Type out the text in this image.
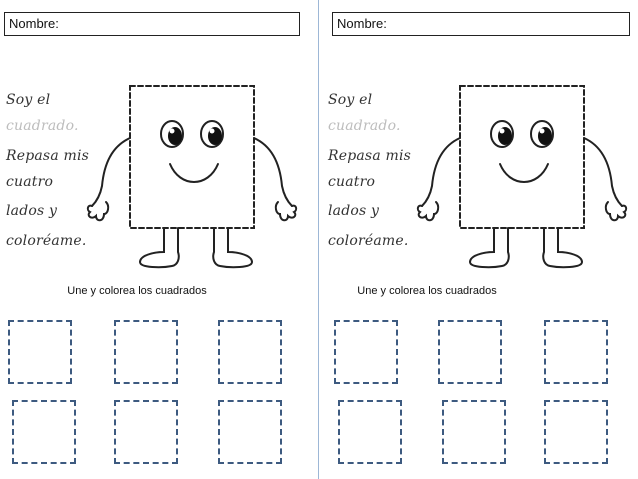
Nombre:
Soy el
cuadrado.
Repasa mis
cuatro
lados y
coloréame.
Une y colorea los cuadrados
Nombre:
Soy el
cuadrado.
Repasa mis
cuatro
lados y
coloréame.
Une y colorea los cuadrados
